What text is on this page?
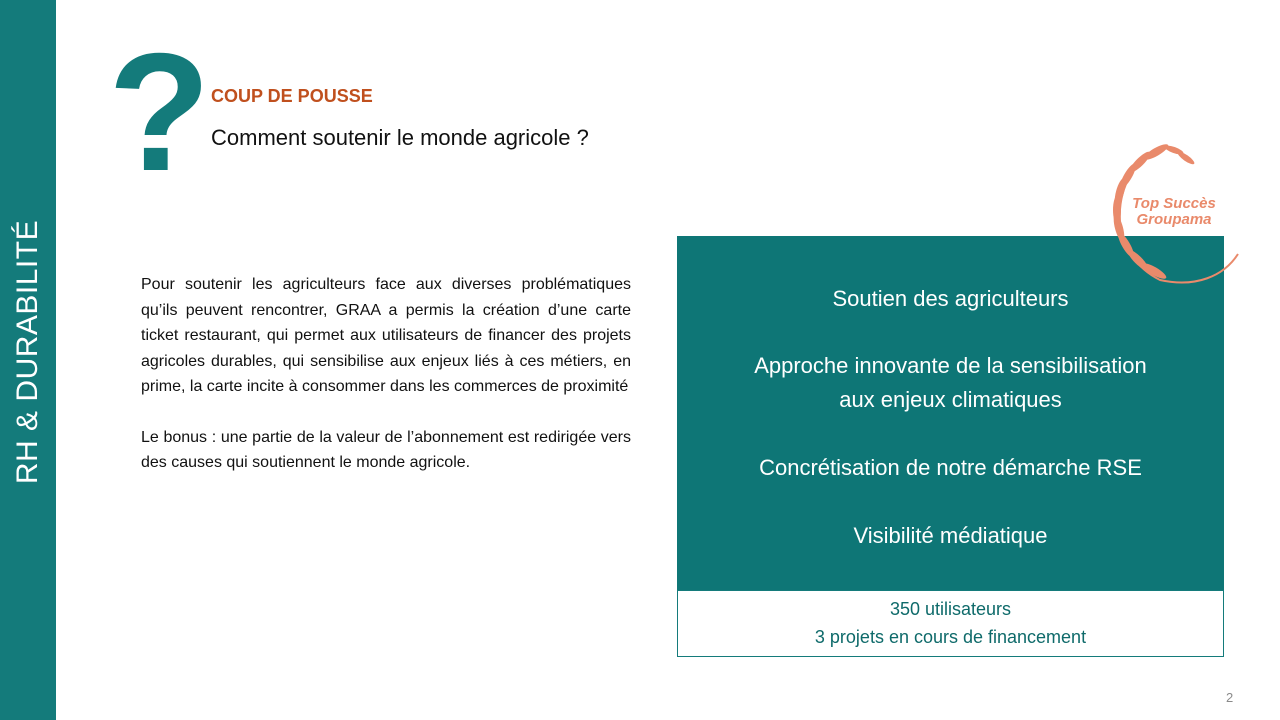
RH & DURABILITÉ
? COUP DE POUSSE
Comment soutenir le monde agricole ?

Pour soutenir les agriculteurs face aux diverses problématiques qu’ils peuvent rencontrer, GRAA a permis la création d’une carte ticket restaurant, qui permet aux utilisateurs de financer des projets agricoles durables, qui sensibilise aux enjeux liés à ces métiers, en prime, la carte incite à consommer dans les commerces de proximité

Le bonus : une partie de la valeur de l’abonnement est redirigée vers des causes qui soutiennent le monde agricole.

Soutien des agriculteurs
Approche innovante de la sensibilisation
aux enjeux climatiques
Concrétisation de notre démarche RSE
Visibilité médiatique
350 utilisateurs
3 projets en cours de financement
Top Succès
Groupama
2
